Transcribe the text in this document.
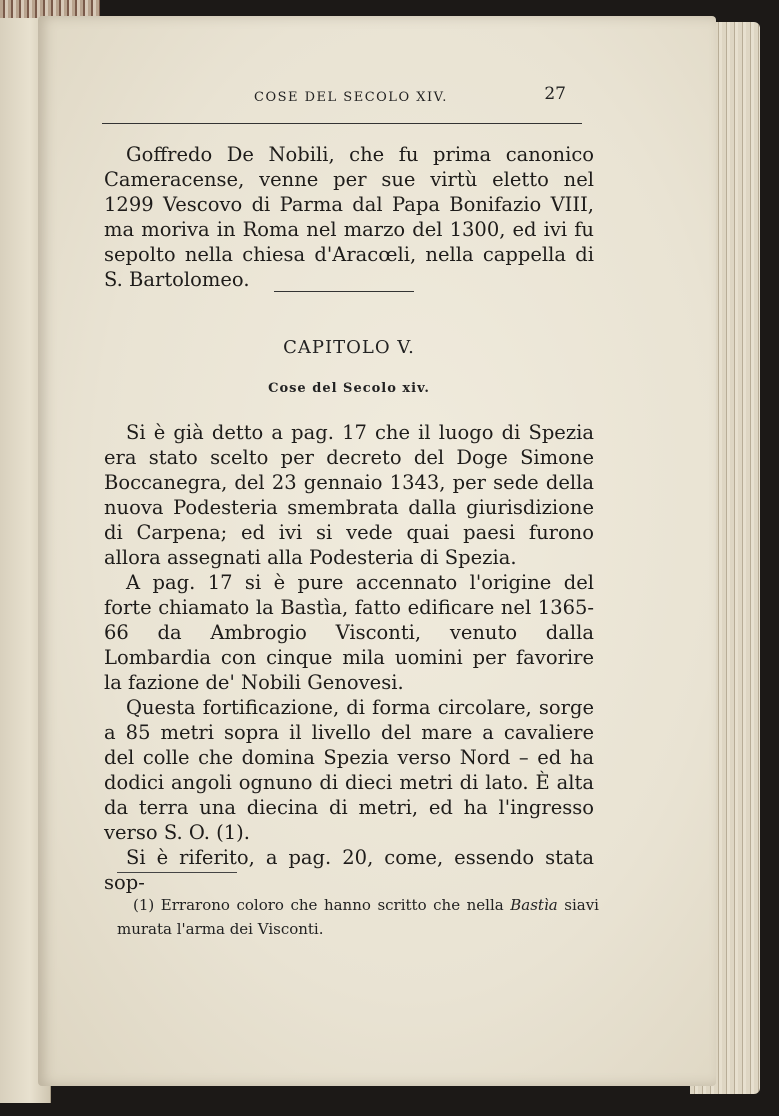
COSE DEL SECOLO XIV.	27

Goffredo De Nobili, che fu prima canonico Cameracense, venne per sue virtù eletto nel 1299 Vescovo di Parma dal Papa Bonifazio VIII, ma moriva in Roma nel marzo del 1300, ed ivi fu sepolto nella chiesa d'Aracœli, nella cappella di S. Bartolomeo.

CAPITOLO V.
Cose del Secolo xiv.

Si è già detto a pag. 17 che il luogo di Spezia era stato scelto per decreto del Doge Simone Boccanegra, del 23 gennaio 1343, per sede della nuova Podesteria smembrata dalla giurisdizione di Carpena; ed ivi si vede quai paesi furono allora assegnati alla Podesteria di Spezia.

A pag. 17 si è pure accennato l'origine del forte chiamato la Bastìa, fatto edificare nel 1365-66 da Ambrogio Visconti, venuto dalla Lombardia con cinque mila uomini per favorire la fazione de' Nobili Genovesi.

Questa fortificazione, di forma circolare, sorge a 85 metri sopra il livello del mare a cavaliere del colle che domina Spezia verso Nord – ed ha dodici angoli ognuno di dieci metri di lato. È alta da terra una diecina di metri, ed ha l'ingresso verso S. O. (1).

Si è riferito, a pag. 20, come, essendo stata sop-

(1) Errarono coloro che hanno scritto che nella Bastìa siavi murata l'arma dei Visconti.
